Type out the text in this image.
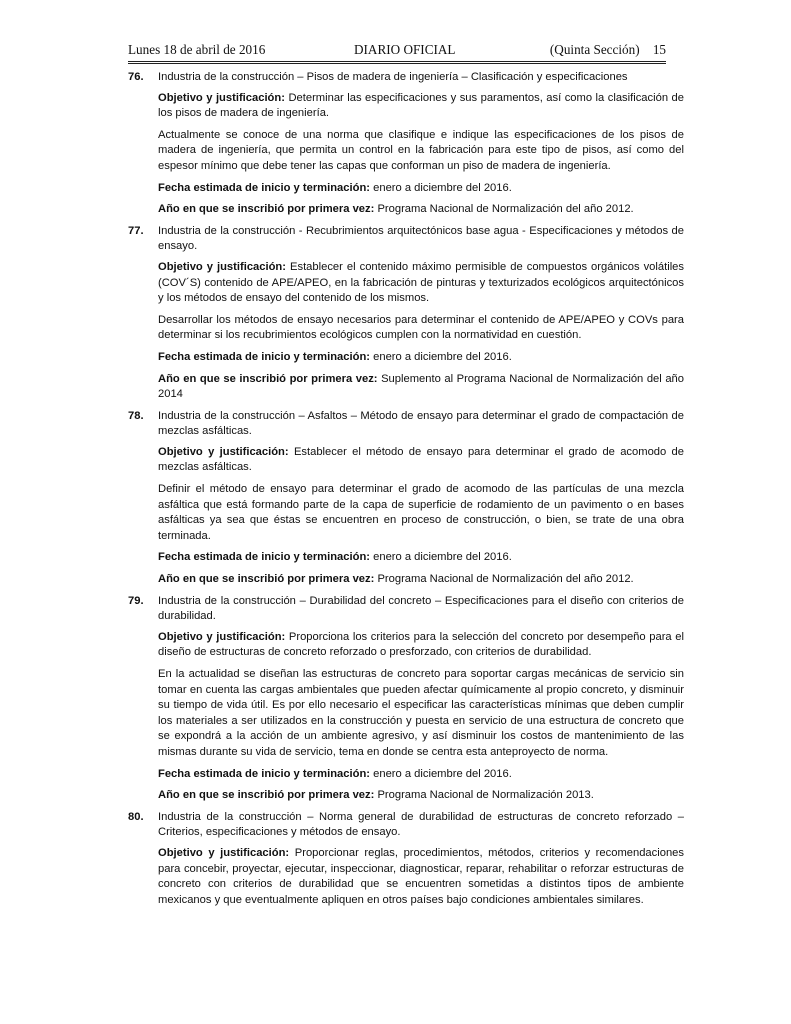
Lunes 18 de abril de 2016	DIARIO OFICIAL	(Quinta Sección) 15
76. Industria de la construcción – Pisos de madera de ingeniería – Clasificación y especificaciones

Objetivo y justificación: Determinar las especificaciones y sus paramentos, así como la clasificación de los pisos de madera de ingeniería.

Actualmente se conoce de una norma que clasifique e indique las especificaciones de los pisos de madera de ingeniería, que permita un control en la fabricación para este tipo de pisos, así como del espesor mínimo que debe tener las capas que conforman un piso de madera de ingeniería.

Fecha estimada de inicio y terminación: enero a diciembre del 2016.

Año en que se inscribió por primera vez: Programa Nacional de Normalización del año 2012.

77. Industria de la construcción - Recubrimientos arquitectónicos base agua - Especificaciones y métodos de ensayo.

Objetivo y justificación: Establecer el contenido máximo permisible de compuestos orgánicos volátiles (COV´S) contenido de APE/APEO, en la fabricación de pinturas y texturizados ecológicos arquitectónicos y los métodos de ensayo del contenido de los mismos.

Desarrollar los métodos de ensayo necesarios para determinar el contenido de APE/APEO y COVs para determinar si los recubrimientos ecológicos cumplen con la normatividad en cuestión.

Fecha estimada de inicio y terminación: enero a diciembre del 2016.

Año en que se inscribió por primera vez: Suplemento al Programa Nacional de Normalización del año 2014

78. Industria de la construcción – Asfaltos – Método de ensayo para determinar el grado de compactación de mezclas asfálticas.

Objetivo y justificación: Establecer el método de ensayo para determinar el grado de acomodo de mezclas asfálticas.

Definir el método de ensayo para determinar el grado de acomodo de las partículas de una mezcla asfáltica que está formando parte de la capa de superficie de rodamiento de un pavimento o en bases asfálticas ya sea que éstas se encuentren en proceso de construcción, o bien, se trate de una obra terminada.

Fecha estimada de inicio y terminación: enero a diciembre del 2016.

Año en que se inscribió por primera vez: Programa Nacional de Normalización del año 2012.

79. Industria de la construcción – Durabilidad del concreto – Especificaciones para el diseño con criterios de durabilidad.

Objetivo y justificación: Proporciona los criterios para la selección del concreto por desempeño para el diseño de estructuras de concreto reforzado o presforzado, con criterios de durabilidad.

En la actualidad se diseñan las estructuras de concreto para soportar cargas mecánicas de servicio sin tomar en cuenta las cargas ambientales que pueden afectar químicamente al propio concreto, y disminuir su tiempo de vida útil. Es por ello necesario el especificar las características mínimas que deben cumplir los materiales a ser utilizados en la construcción y puesta en servicio de una estructura de concreto que se expondrá a la acción de un ambiente agresivo, y así disminuir los costos de mantenimiento de las mismas durante su vida de servicio, tema en donde se centra esta anteproyecto de norma.

Fecha estimada de inicio y terminación: enero a diciembre del 2016.

Año en que se inscribió por primera vez: Programa Nacional de Normalización 2013.

80. Industria de la construcción – Norma general de durabilidad de estructuras de concreto reforzado – Criterios, especificaciones y métodos de ensayo.

Objetivo y justificación: Proporcionar reglas, procedimientos, métodos, criterios y recomendaciones para concebir, proyectar, ejecutar, inspeccionar, diagnosticar, reparar, rehabilitar o reforzar estructuras de concreto con criterios de durabilidad que se encuentren sometidas a distintos tipos de ambiente mexicanos y que eventualmente apliquen en otros países bajo condiciones ambientales similares.
